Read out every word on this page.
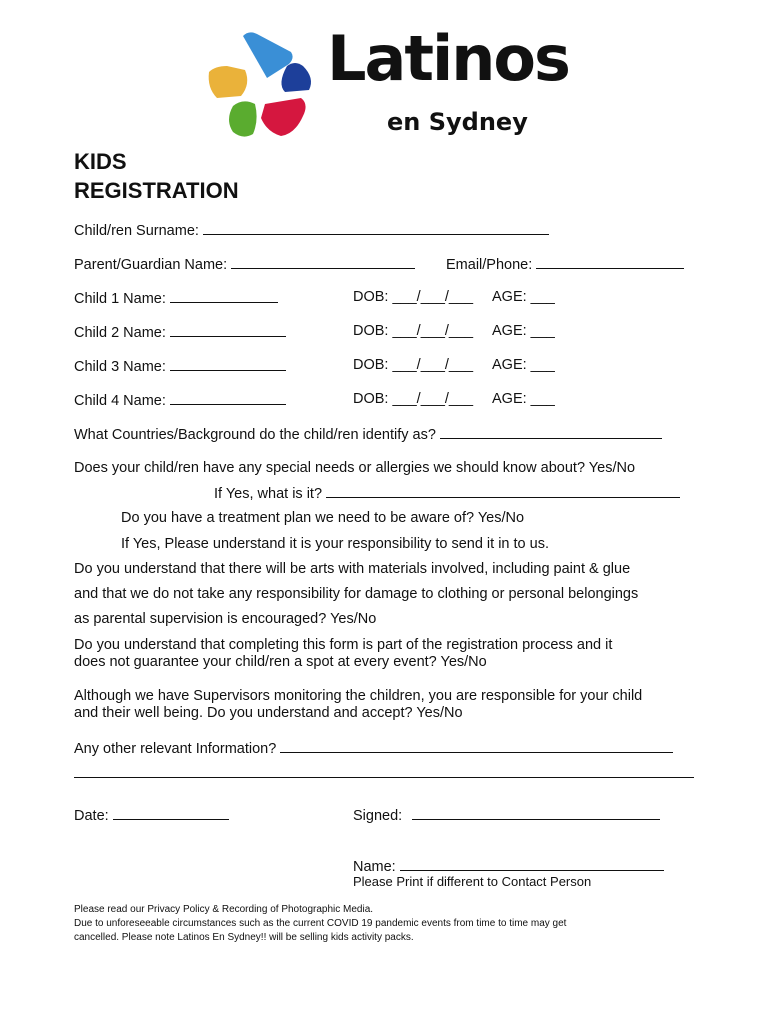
Latinos
en Sydney
KIDS
REGISTRATION
Child/ren Surname:
Parent/Guardian Name:	Email/Phone:
Child 1 Name:	DOB: ___/___/___ AGE: ___
Child 2 Name:	DOB: ___/___/___ AGE: ___
Child 3 Name:	DOB: ___/___/___ AGE: ___
Child 4 Name:	DOB: ___/___/___ AGE: ___
What Countries/Background do the child/ren identify as?
Does your child/ren have any special needs or allergies we should know about? Yes/No
If Yes, what is it?
Do you have a treatment plan we need to be aware of? Yes/No
If Yes, Please understand it is your responsibility to send it in to us.
Do you understand that there will be arts with materials involved, including paint & glue
and that we do not take any responsibility for damage to clothing or personal belongings
as parental supervision is encouraged? Yes/No
Do you understand that completing this form is part of the registration process and it
does not guarantee your child/ren a spot at every event? Yes/No
Although we have Supervisors monitoring the children, you are responsible for your child
and their well being. Do you understand and accept? Yes/No
Any other relevant Information?
Date:	Signed:
Name:
Please Print if different to Contact Person
Please read our Privacy Policy & Recording of Photographic Media.
Due to unforeseeable circumstances such as the current COVID 19 pandemic events from time to time may get
cancelled. Please note Latinos En Sydney!! will be selling kids activity packs.
